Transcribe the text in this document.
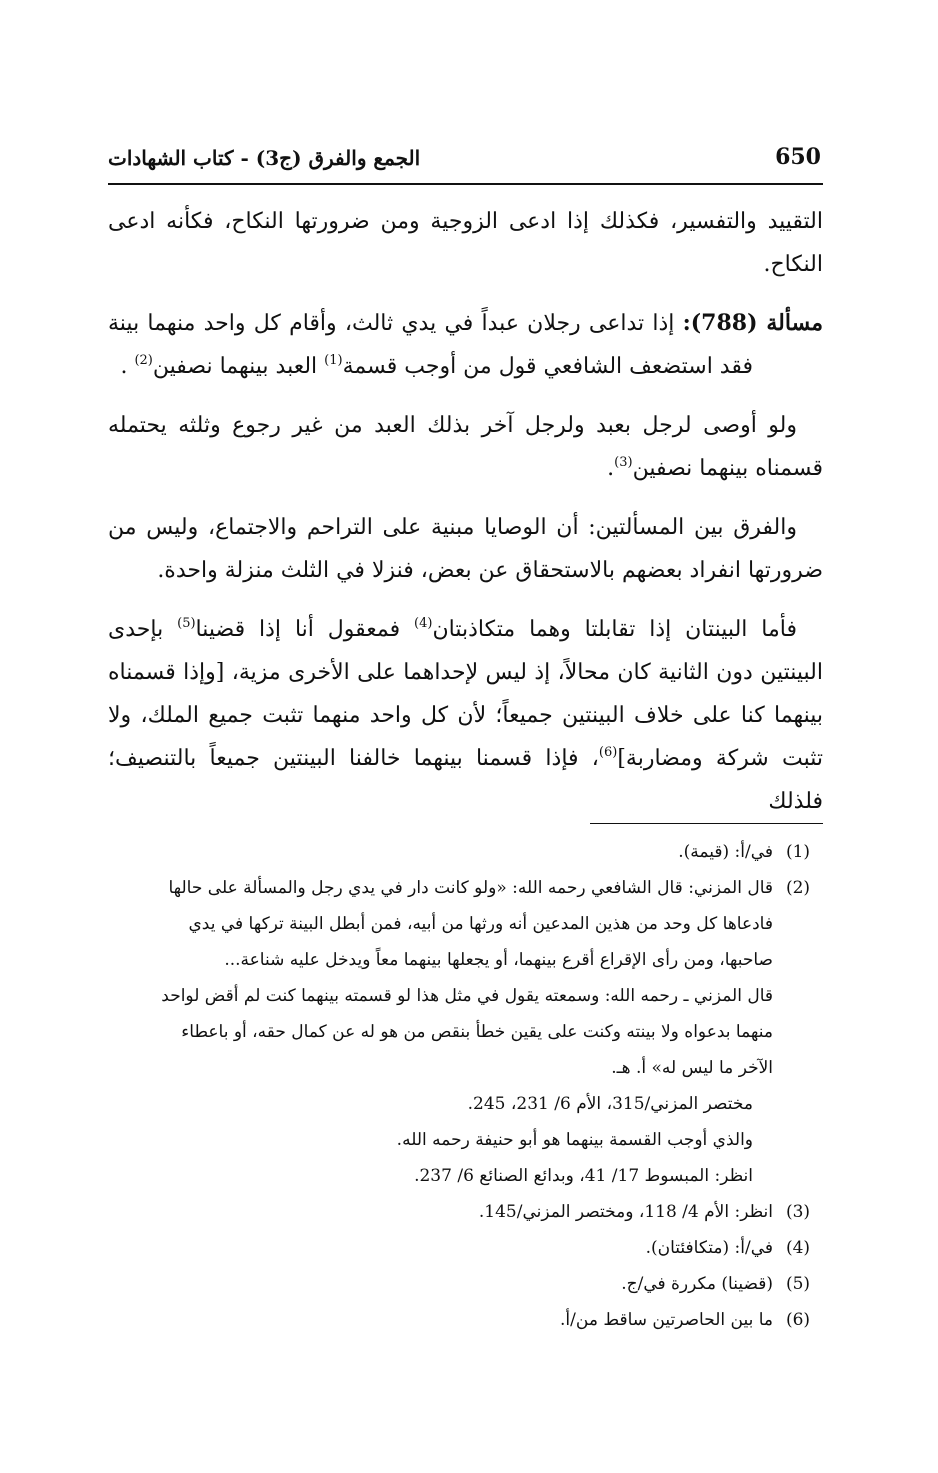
650
الجمع والفرق (ج3) - كتاب الشهادات

التقييد والتفسير، فكذلك إذا ادعى الزوجية ومن ضرورتها النكاح، فكأنه ادعى النكاح.

مسألة (788): إذا تداعى رجلان عبداً في يدي ثالث، وأقام كل واحد منهما بينة فقد استضعف الشافعي قول من أوجب قسمة$^{(1)}$ العبد بينهما نصفين$^{(2)}$ .

ولو أوصى لرجل بعبد ولرجل آخر بذلك العبد من غير رجوع وثلثه يحتمله قسمناه بينهما نصفين$^{(3)}$.

والفرق بين المسألتين: أن الوصايا مبنية على التراحم والاجتماع، وليس من ضرورتها انفراد بعضهم بالاستحقاق عن بعض، فنزلا في الثلث منزلة واحدة.

فأما البينتان إذا تقابلتا وهما متكاذبتان$^{(4)}$ فمعقول أنا إذا قضينا$^{(5)}$ بإحدى البينتين دون الثانية كان محالاً، إذ ليس لإحداهما على الأخرى مزية، [وإذا قسمناه بينهما كنا على خلاف البينتين جميعاً؛ لأن كل واحد منهما تثبت جميع الملك، ولا تثبت شركة ومضاربة]$^{(6)}$، فإذا قسمنا بينهما خالفنا البينتين جميعاً بالتنصيف؛ فلذلك

(1)
في/أ: (قيمة).
(2)
قال المزني: قال الشافعي رحمه الله: «ولو كانت دار في يدي رجل والمسألة على حالها
فادعاها كل وحد من هذين المدعين أنه ورثها من أبيه، فمن أبطل البينة تركها في يدي
صاحبها، ومن رأى الإقراع أقرع بينهما، أو يجعلها بينهما معاً ويدخل عليه شناعة...
قال المزني ـ رحمه الله: وسمعته يقول في مثل هذا لو قسمته بينهما كنت لم أقض لواحد
منهما بدعواه ولا بينته وكنت على يقين خطأ بنقص من هو له عن كمال حقه، أو باعطاء
الآخر ما ليس له» أ. هـ.
مختصر المزني/315، الأم 6/ 231، 245.
والذي أوجب القسمة بينهما هو أبو حنيفة رحمه الله.
انظر: المبسوط 17/ 41، وبدائع الصنائع 6/ 237.
(3)
انظر: الأم 4/ 118، ومختصر المزني/145.
(4)
في/أ: (متكافئتان).
(5)
(قضينا) مكررة في/ج.
(6)
ما بين الحاصرتين ساقط من/أ.
